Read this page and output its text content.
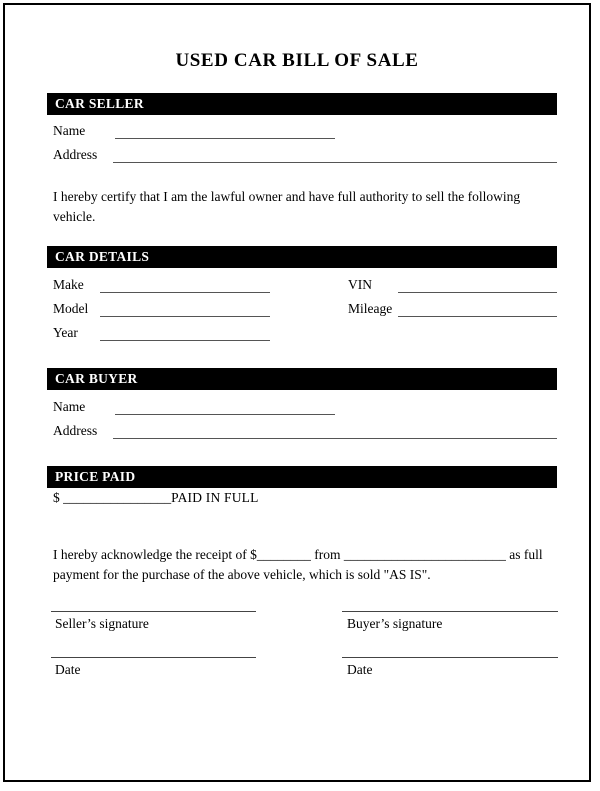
USED CAR BILL OF SALE
CAR SELLER
Name
Address
I hereby certify that I am the lawful owner and have full authority to sell the following vehicle.
CAR DETAILS
Make
Model
Year
VIN
Mileage
CAR BUYER
Name
Address
PRICE PAID
$ ________________PAID IN FULL
I hereby acknowledge the receipt of $________ from ________________________ as full payment for the purchase of the above vehicle, which is sold "AS IS".
Seller’s signature
Date
Buyer’s signature
Date
